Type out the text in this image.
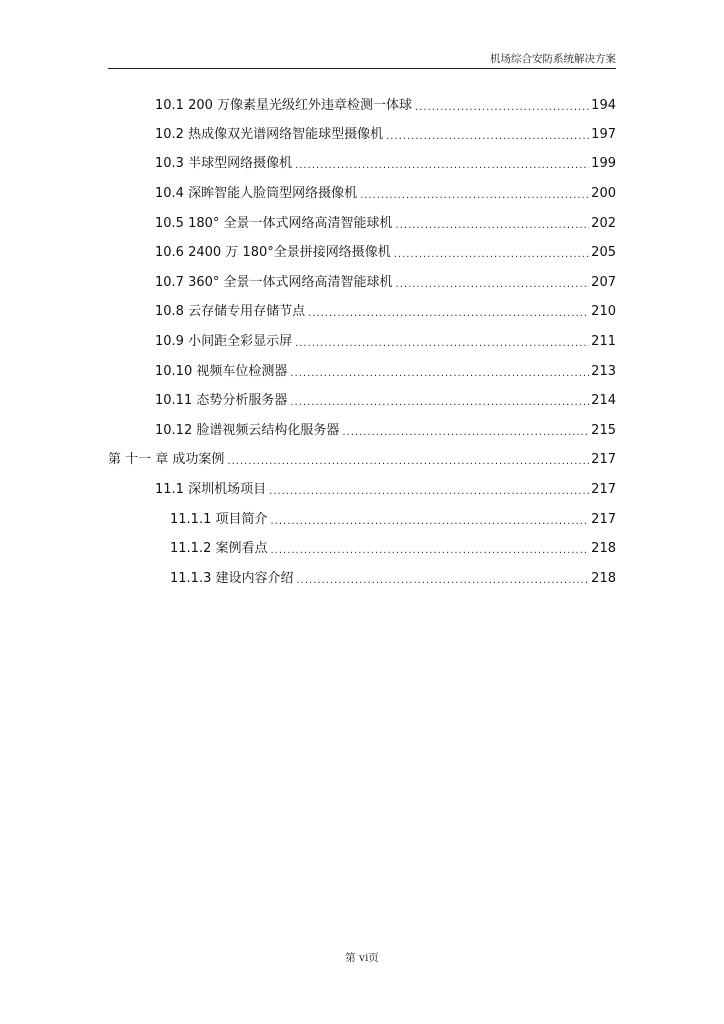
机场综合安防系统解决方案
10.1 200 万像素星光级红外违章检测一体球 .....	194
10.2 热成像双光谱网络智能球型摄像机 .....	197
10.3 半球型网络摄像机 .....	199
10.4 深眸智能人脸筒型网络摄像机 .....	200
10.5 180° 全景一体式网络高清智能球机 .....	202
10.6 2400 万 180°全景拼接网络摄像机 .....	205
10.7 360° 全景一体式网络高清智能球机 .....	207
10.8 云存储专用存储节点 .....	210
10.9 小间距全彩显示屏 .....	211
10.10 视频车位检测器 .....	213
10.11 态势分析服务器 .....	214
10.12 脸谱视频云结构化服务器 .....	215
第 十一 章 成功案例 .....	217
11.1 深圳机场项目 .....	217
11.1.1 项目简介 .....	217
11.1.2 案例看点 .....	218
11.1.3 建设内容介绍 .....	218
第 vi页
